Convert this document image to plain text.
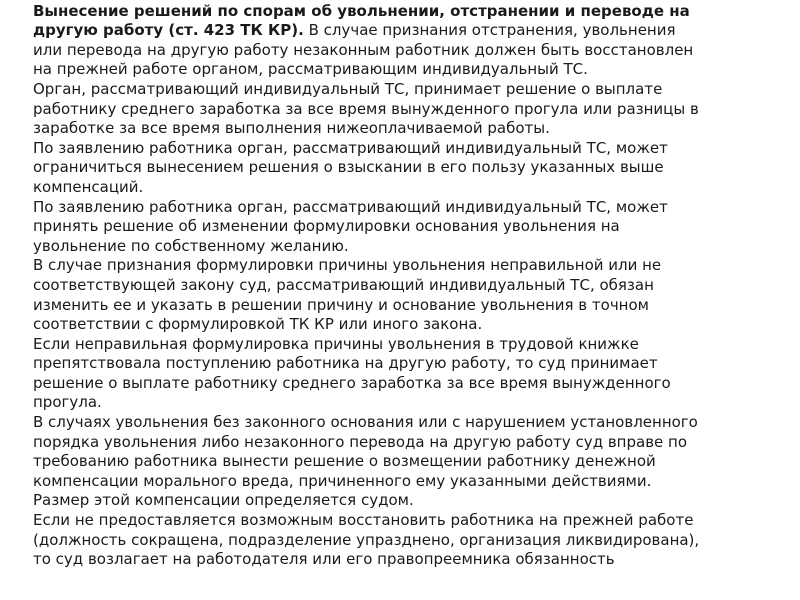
Вынесение решений по спорам об увольнении, отстранении и переводе на
другую работу (ст. 423 ТК КР). В случае признания отстранения, увольнения
или перевода на другую работу незаконным работник должен быть восстановлен
на прежней работе органом, рассматривающим индивидуальный ТС.
Орган, рассматривающий индивидуальный ТС, принимает решение о выплате
работнику среднего заработка за все время вынужденного прогула или разницы в
заработке за все время выполнения нижеоплачиваемой работы.
По заявлению работника орган, рассматривающий индивидуальный ТС, может
ограничиться вынесением решения о взыскании в его пользу указанных выше
компенсаций.
По заявлению работника орган, рассматривающий индивидуальный ТС, может
принять решение об изменении формулировки основания увольнения на
увольнение по собственному желанию.
В случае признания формулировки причины увольнения неправильной или не
соответствующей закону суд, рассматривающий индивидуальный ТС, обязан
изменить ее и указать в решении причину и основание увольнения в точном
соответствии с формулировкой ТК КР или иного закона.
Если неправильная формулировка причины увольнения в трудовой книжке
препятствовала поступлению работника на другую работу, то суд принимает
решение о выплате работнику среднего заработка за все время вынужденного
прогула.
В случаях увольнения без законного основания или с нарушением установленного
порядка увольнения либо незаконного перевода на другую работу суд вправе по
требованию работника вынести решение о возмещении работнику денежной
компенсации морального вреда, причиненного ему указанными действиями.
Размер этой компенсации определяется судом.
Если не предоставляется возможным восстановить работника на прежней работе
(должность сокращена, подразделение упразднено, организация ликвидирована),
то суд возлагает на работодателя или его правопреемника обязанность
